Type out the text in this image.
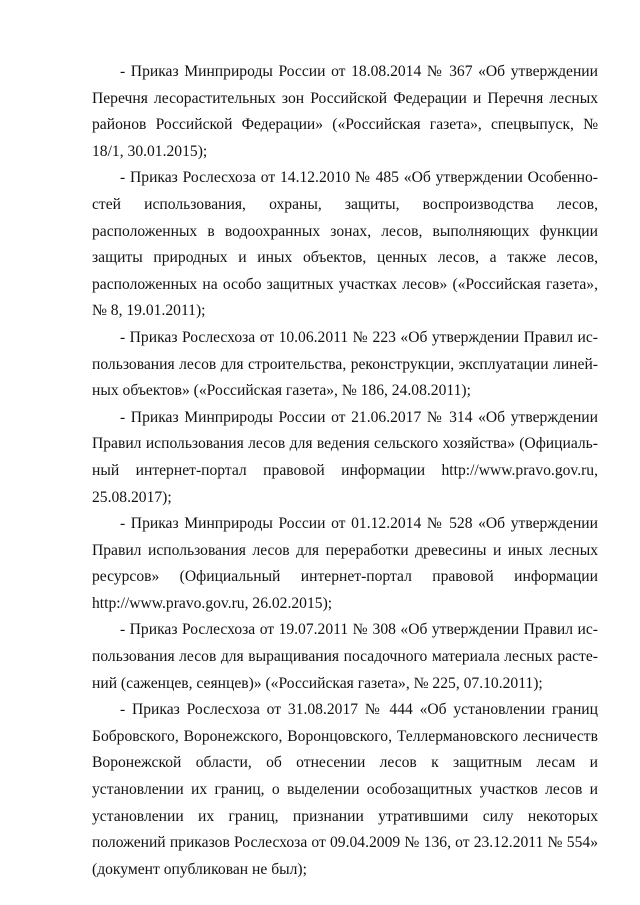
- Приказ Минприроды России от 18.08.2014 № 367 «Об утверждении Перечня лесорастительных зон Российской Федерации и Перечня лесных районов Российской Федерации» («Российская газета», спецвыпуск, № 18/1, 30.01.2015);

- Приказ Рослесхоза от 14.12.2010 № 485 «Об утверждении Особенностей использования, охраны, защиты, воспроизводства лесов, расположенных в водоохранных зонах, лесов, выполняющих функции защиты природных и иных объектов, ценных лесов, а также лесов, расположенных на особо защитных участках лесов» («Российская газета», № 8, 19.01.2011);

- Приказ Рослесхоза от 10.06.2011 № 223 «Об утверждении Правил использования лесов для строительства, реконструкции, эксплуатации линейных объектов» («Российская газета», № 186, 24.08.2011);

- Приказ Минприроды России от 21.06.2017 № 314 «Об утверждении Правил использования лесов для ведения сельского хозяйства» (Официальный интернет-портал правовой информации http://www.pravo.gov.ru, 25.08.2017);

- Приказ Минприроды России от 01.12.2014 № 528 «Об утверждении Правил использования лесов для переработки древесины и иных лесных ресурсов» (Официальный интернет-портал правовой информации http://www.pravo.gov.ru, 26.02.2015);

- Приказ Рослесхоза от 19.07.2011 № 308 «Об утверждении Правил использования лесов для выращивания посадочного материала лесных растений (саженцев, сеянцев)» («Российская газета», № 225, 07.10.2011);

- Приказ Рослесхоза от 31.08.2017 № 444 «Об установлении границ Бобровского, Воронежского, Воронцовского, Теллермановского лесничеств Воронежской области, об отнесении лесов к защитным лесам и установлении их границ, о выделении особозащитных участков лесов и установлении их границ, признании утратившими силу некоторых положений приказов Рослесхоза от 09.04.2009 № 136, от 23.12.2011 № 554» (документ опубликован не был);
